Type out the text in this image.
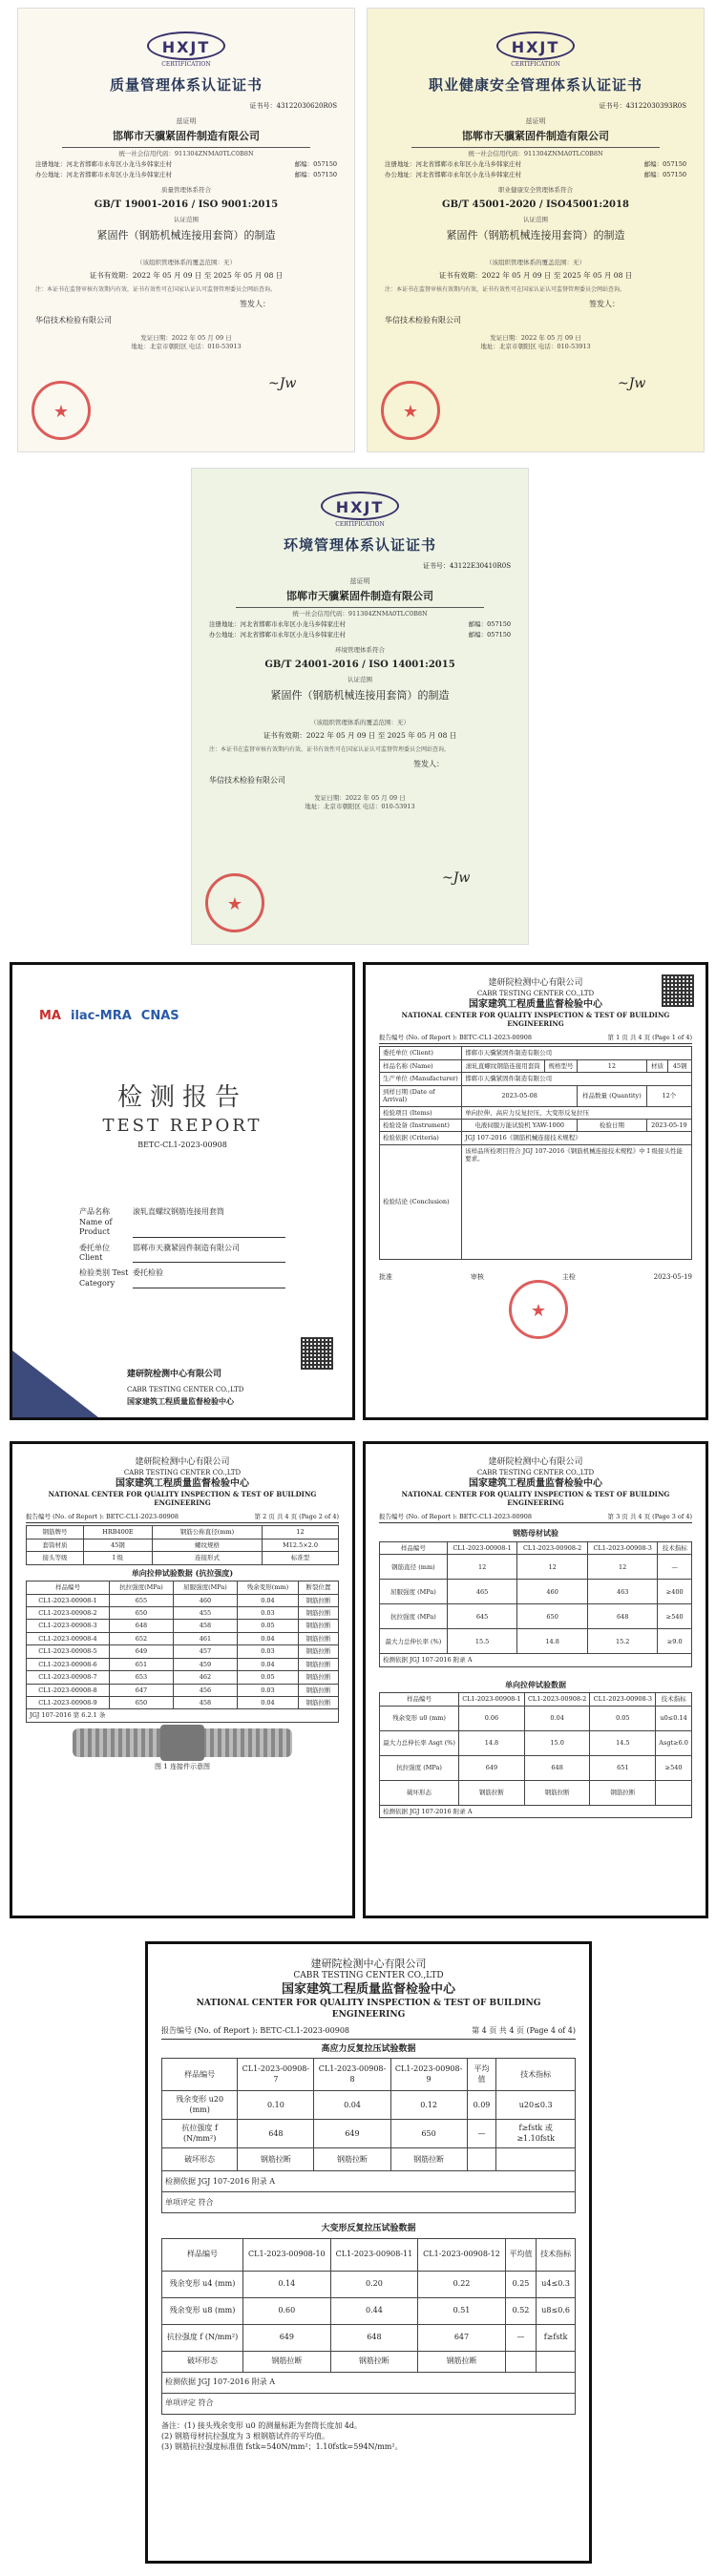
HXJT
CERTIFICATION
质量管理体系认证证书
证书号：43122030620R0S
兹证明
邯郸市天骥紧固件制造有限公司
统一社会信用代码：911304ZNMA0TLC0B8N
注册地址：河北省邯郸市永年区小龙马乡韩家庄村	邮编：057150
办公地址：河北省邯郸市永年区小龙马乡韩家庄村	邮编：057150
质量管理体系符合
GB/T 19001-2016 / ISO 9001:2015
认证范围
紧固件（钢筋机械连接用套筒）的制造
（该组织管理体系的覆盖范围：无）
证书有效期：2022 年 05 月 09 日 至 2025 年 05 月 08 日
注：本证书在监督审核有效期内有效，证书有效性可在国家认证认可监督管理委员会网站查询。
签发人：
华信技术检验有限公司
发证日期：2022 年 05 月 09 日
地址：北京市朝阳区 电话：010-53913
★
~Jw
HXJT
CERTIFICATION
职业健康安全管理体系认证证书
证书号：43122030393R0S
兹证明
邯郸市天骥紧固件制造有限公司
统一社会信用代码：911304ZNMA0TLC0B8N
注册地址：河北省邯郸市永年区小龙马乡韩家庄村	邮编：057150
办公地址：河北省邯郸市永年区小龙马乡韩家庄村	邮编：057150
职业健康安全管理体系符合
GB/T 45001-2020 / ISO45001:2018
认证范围
紧固件（钢筋机械连接用套筒）的制造
（该组织管理体系的覆盖范围：无）
证书有效期：2022 年 05 月 09 日 至 2025 年 05 月 08 日
注：本证书在监督审核有效期内有效，证书有效性可在国家认证认可监督管理委员会网站查询。
签发人：
华信技术检验有限公司
发证日期：2022 年 05 月 09 日
地址：北京市朝阳区 电话：010-53913
★
~Jw
HXJT
CERTIFICATION
环境管理体系认证证书
证书号：43122E30410R0S
兹证明
邯郸市天骥紧固件制造有限公司
统一社会信用代码：911304ZNMA0TLC0B8N
注册地址：河北省邯郸市永年区小龙马乡韩家庄村	邮编：057150
办公地址：河北省邯郸市永年区小龙马乡韩家庄村	邮编：057150
环境管理体系符合
GB/T 24001-2016 / ISO 14001:2015
认证范围
紧固件（钢筋机械连接用套筒）的制造
（该组织管理体系的覆盖范围：无）
证书有效期：2022 年 05 月 09 日 至 2025 年 05 月 08 日
注：本证书在监督审核有效期内有效，证书有效性可在国家认证认可监督管理委员会网站查询。
签发人：
华信技术检验有限公司
发证日期：2022 年 05 月 09 日
地址：北京市朝阳区 电话：010-53913
★
~Jw
MA ilac-MRA CNAS
检测报告
TEST REPORT
BETC-CL1-2023-00908
产品名称 Name of Product
滚轧直螺纹钢筋连接用套筒
委托单位 Client
邯郸市天骥紧固件制造有限公司
检验类别 Test Category
委托检验
建研院检测中心有限公司
CABR TESTING CENTER CO.,LTD
国家建筑工程质量监督检验中心
建研院检测中心有限公司
CABR TESTING CENTER CO.,LTD
国家建筑工程质量监督检验中心
NATIONAL CENTER FOR QUALITY INSPECTION & TEST OF BUILDING ENGINEERING
报告编号 (No. of Report ): BETC-CL1-2023-00908	第 1 页 共 4 页 (Page 1 of 4)
委托单位 (Client)	邯郸市天骥紧固件制造有限公司				
样品名称 (Name)	滚轧直螺纹钢筋连接用套筒	规格型号	12	材质	45钢
生产单位 (Manufacturer)	邯郸市天骥紧固件制造有限公司				
到样日期 (Date of Arrival)	2023-05-08		样品数量 (Quantity)	12个	
检验项目 (Items)	单向拉伸、高应力反复拉压、大变形反复拉压				
检验设备 (Instrument)	电液伺服万能试验机 YAW-1000		检验日期	2023-05-19	
检验依据 (Criteria)	JGJ 107-2016《钢筋机械连接技术规程》				
检验结论 (Conclusion)	该样品所检项目符合 JGJ 107-2016《钢筋机械连接技术规程》中 I 级接头性能要求。				
批准	审核	主检	2023-05-19
★
建研院检测中心有限公司
CABR TESTING CENTER CO.,LTD
国家建筑工程质量监督检验中心
NATIONAL CENTER FOR QUALITY INSPECTION & TEST OF BUILDING ENGINEERING
报告编号 (No. of Report ): BETC-CL1-2023-00908	第 2 页 共 4 页 (Page 2 of 4)
钢筋牌号	HRB400E	钢筋公称直径(mm)	12
套筒材质	45钢	螺纹规格	M12.5×2.0
接头等级	I 级	连接形式	标准型
单向拉伸试验数据 (抗拉强度)
样品编号	抗拉强度(MPa)	屈服强度(MPa)	残余变形(mm)	断裂位置
CL1-2023-00908-1	655	460	0.04	钢筋拉断
CL1-2023-00908-2	650	455	0.03	钢筋拉断
CL1-2023-00908-3	648	458	0.05	钢筋拉断
CL1-2023-00908-4	652	461	0.04	钢筋拉断
CL1-2023-00908-5	649	457	0.03	钢筋拉断
CL1-2023-00908-6	651	459	0.04	钢筋拉断
CL1-2023-00908-7	653	462	0.05	钢筋拉断
CL1-2023-00908-8	647	456	0.03	钢筋拉断
CL1-2023-00908-9	650	458	0.04	钢筋拉断
JGJ 107-2016 第 6.2.1 条				
图 1 连接件示意图
建研院检测中心有限公司
CABR TESTING CENTER CO.,LTD
国家建筑工程质量监督检验中心
NATIONAL CENTER FOR QUALITY INSPECTION & TEST OF BUILDING ENGINEERING
报告编号 (No. of Report ): BETC-CL1-2023-00908	第 3 页 共 4 页 (Page 3 of 4)
钢筋母材试验
样品编号	CL1-2023-00908-1	CL1-2023-00908-2	CL1-2023-00908-3	技术指标
钢筋直径 (mm)	12	12	12	—
屈服强度 (MPa)	465	460	463	≥400
抗拉强度 (MPa)	645	650	648	≥540
最大力总伸长率 (%)	15.5	14.8	15.2	≥9.0
检测依据 JGJ 107-2016 附录 A				
单向拉伸试验数据
样品编号	CL1-2023-00908-1	CL1-2023-00908-2	CL1-2023-00908-3	技术指标
残余变形 u0 (mm)	0.06	0.04	0.05	u0≤0.14
最大力总伸长率 Asgt (%)	14.8	15.0	14.5	Asgt≥6.0
抗拉强度 (MPa)	649	648	651	≥540
破坏形态	钢筋拉断	钢筋拉断	钢筋拉断	
检测依据 JGJ 107-2016 附录 A				
建研院检测中心有限公司
CABR TESTING CENTER CO.,LTD
国家建筑工程质量监督检验中心
NATIONAL CENTER FOR QUALITY INSPECTION & TEST OF BUILDING ENGINEERING
报告编号 (No. of Report ): BETC-CL1-2023-00908	第 4 页 共 4 页 (Page 4 of 4)
高应力反复拉压试验数据
样品编号	CL1-2023-00908-7	CL1-2023-00908-8	CL1-2023-00908-9	平均值	技术指标
残余变形 u20 (mm)	0.10	0.04	0.12	0.09	u20≤0.3
抗拉强度 f (N/mm²)	648	649	650	—	f≥fstk 或 ≥1.10fstk
破坏形态	钢筋拉断	钢筋拉断	钢筋拉断		
检测依据 JGJ 107-2016 附录 A					
单项评定 符合					
大变形反复拉压试验数据
样品编号	CL1-2023-00908-10	CL1-2023-00908-11	CL1-2023-00908-12	平均值	技术指标
残余变形 u4 (mm)	0.14	0.20	0.22	0.25	u4≤0.3
残余变形 u8 (mm)	0.60	0.44	0.51	0.52	u8≤0.6
抗拉强度 f (N/mm²)	649	648	647	—	f≥fstk
破坏形态	钢筋拉断	钢筋拉断	钢筋拉断		
检测依据 JGJ 107-2016 附录 A					
单项评定 符合					
备注：(1) 接头残余变形 u0 的测量标距为套筒长度加 4d。
(2) 钢筋母材抗拉强度为 3 根钢筋试件的平均值。
(3) 钢筋抗拉强度标准值 fstk=540N/mm²；1.10fstk=594N/mm²。
